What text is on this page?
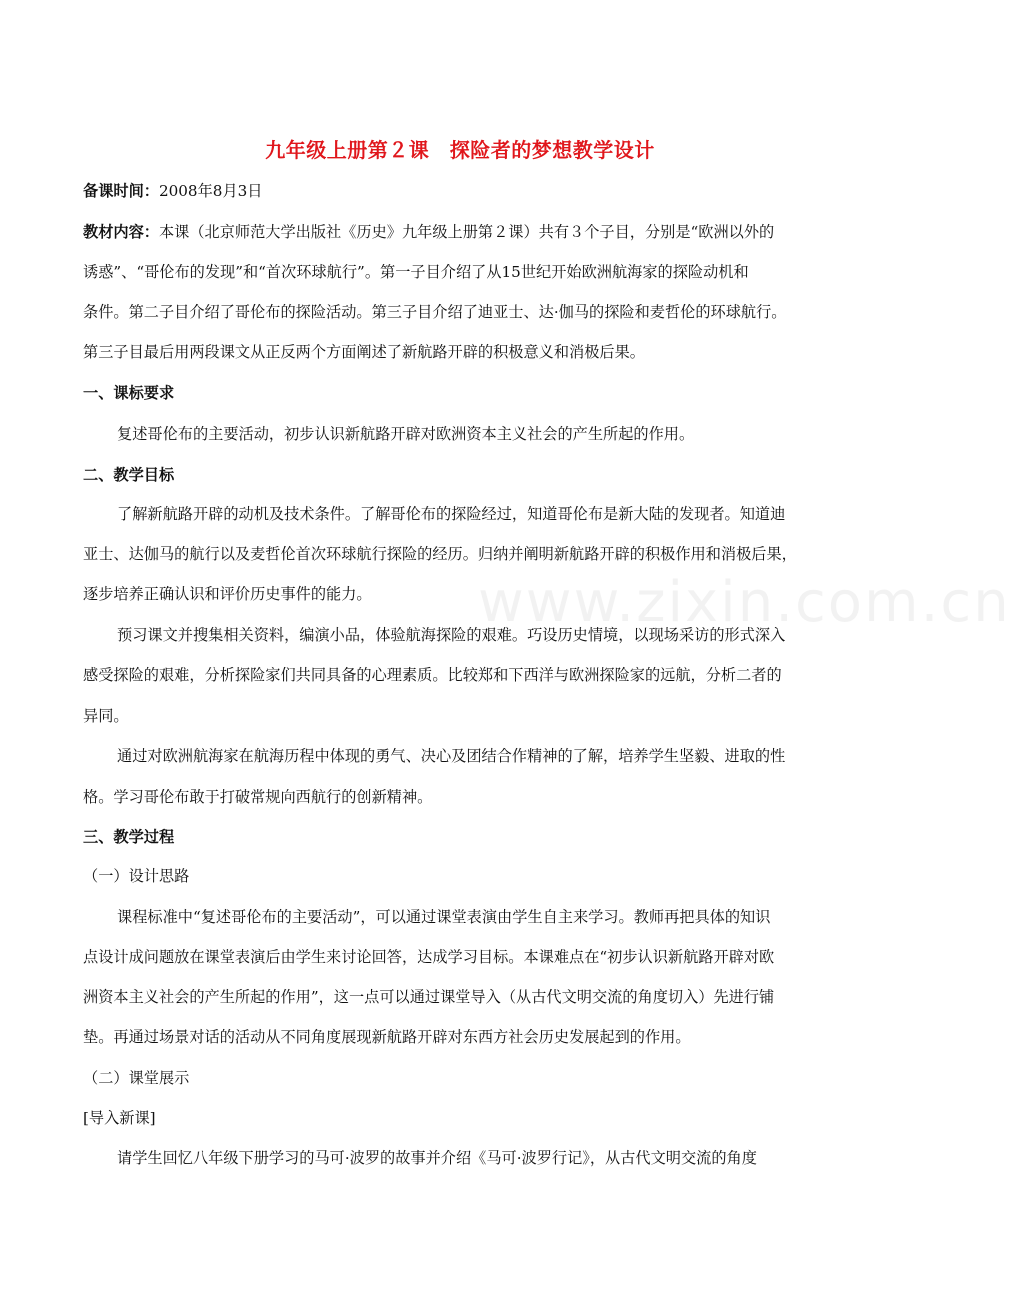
九年级上册第２课　探险者的梦想教学设计
备课时间：2008年8月3日
教材内容：本课（北京师范大学出版社《历史》九年级上册第２课）共有３个子目，分别是“欧洲以外的
诱惑”、“哥伦布的发现”和“首次环球航行”。第一子目介绍了从15世纪开始欧洲航海家的探险动机和
条件。第二子目介绍了哥伦布的探险活动。第三子目介绍了迪亚士、达·伽马的探险和麦哲伦的环球航行。
第三子目最后用两段课文从正反两个方面阐述了新航路开辟的积极意义和消极后果。
一、课标要求
复述哥伦布的主要活动，初步认识新航路开辟对欧洲资本主义社会的产生所起的作用。
二、教学目标
了解新航路开辟的动机及技术条件。了解哥伦布的探险经过，知道哥伦布是新大陆的发现者。知道迪
亚士、达伽马的航行以及麦哲伦首次环球航行探险的经历。归纳并阐明新航路开辟的积极作用和消极后果，
逐步培养正确认识和评价历史事件的能力。
预习课文并搜集相关资料，编演小品，体验航海探险的艰难。巧设历史情境，以现场采访的形式深入
感受探险的艰难，分析探险家们共同具备的心理素质。比较郑和下西洋与欧洲探险家的远航，分析二者的
异同。
通过对欧洲航海家在航海历程中体现的勇气、决心及团结合作精神的了解，培养学生坚毅、进取的性
格。学习哥伦布敢于打破常规向西航行的创新精神。
三、教学过程
（一）设计思路
课程标准中“复述哥伦布的主要活动”，可以通过课堂表演由学生自主来学习。教师再把具体的知识
点设计成问题放在课堂表演后由学生来讨论回答，达成学习目标。本课难点在“初步认识新航路开辟对欧
洲资本主义社会的产生所起的作用”，这一点可以通过课堂导入（从古代文明交流的角度切入）先进行铺
垫。再通过场景对话的活动从不同角度展现新航路开辟对东西方社会历史发展起到的作用。
（二）课堂展示
[导入新课]
请学生回忆八年级下册学习的马可·波罗的故事并介绍《马可·波罗行记》，从古代文明交流的角度
www.zixin.com.cn
